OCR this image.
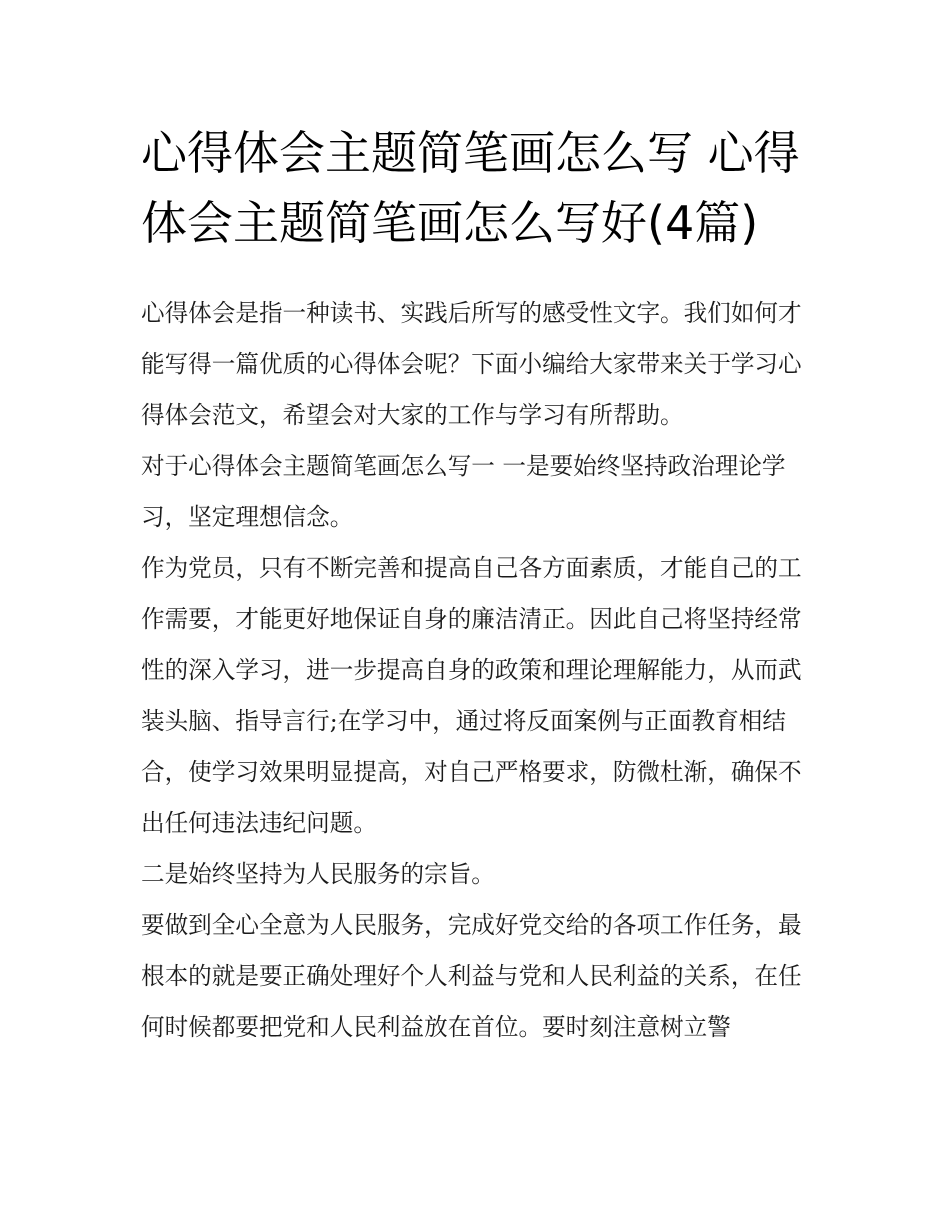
心得体会主题简笔画怎么写 心得体会主题简笔画怎么写好(4篇)

心得体会是指一种读书、实践后所写的感受性文字。我们如何才能写得一篇优质的心得体会呢？下面小编给大家带来关于学习心得体会范文，希望会对大家的工作与学习有所帮助。

对于心得体会主题简笔画怎么写一 一是要始终坚持政治理论学习，坚定理想信念。

作为党员，只有不断完善和提高自己各方面素质，才能自己的工作需要，才能更好地保证自身的廉洁清正。因此自己将坚持经常性的深入学习，进一步提高自身的政策和理论理解能力，从而武装头脑、指导言行;在学习中，通过将反面案例与正面教育相结合，使学习效果明显提高，对自己严格要求，防微杜渐，确保不出任何违法违纪问题。

二是始终坚持为人民服务的宗旨。

要做到全心全意为人民服务，完成好党交给的各项工作任务，最根本的就是要正确处理好个人利益与党和人民利益的关系，在任何时候都要把党和人民利益放在首位。要时刻注意树立警
